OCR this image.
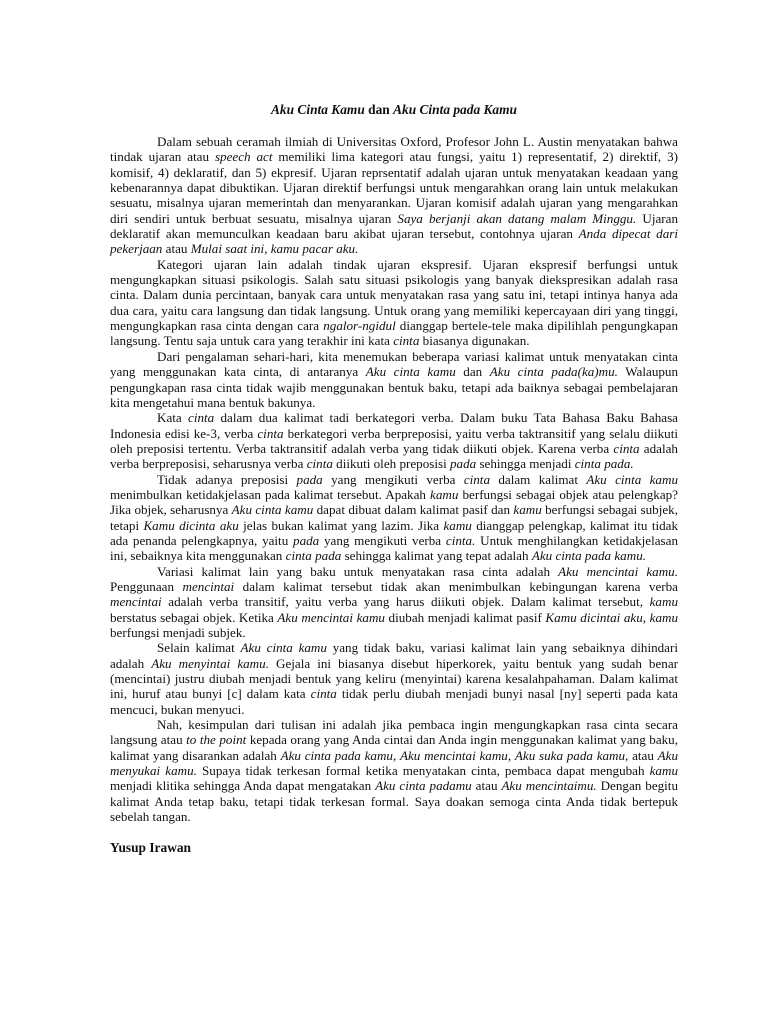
Aku Cinta Kamu dan Aku Cinta pada Kamu

Dalam sebuah ceramah ilmiah di Universitas Oxford, Profesor John L. Austin menyatakan bahwa tindak ujaran atau speech act memiliki lima kategori atau fungsi, yaitu 1) representatif, 2) direktif, 3) komisif, 4) deklaratif, dan 5) ekpresif. Ujaran reprsentatif adalah ujaran untuk menyatakan keadaan yang kebenarannya dapat dibuktikan. Ujaran direktif berfungsi untuk mengarahkan orang lain untuk melakukan sesuatu, misalnya ujaran memerintah dan menyarankan. Ujaran komisif adalah ujaran yang mengarahkan diri sendiri untuk berbuat sesuatu, misalnya ujaran Saya berjanji akan datang malam Minggu. Ujaran deklaratif akan memunculkan keadaan baru akibat ujaran tersebut, contohnya ujaran Anda dipecat dari pekerjaan atau Mulai saat ini, kamu pacar aku.

Kategori ujaran lain adalah tindak ujaran ekspresif. Ujaran ekspresif berfungsi untuk mengungkapkan situasi psikologis. Salah satu situasi psikologis yang banyak diekspresikan adalah rasa cinta. Dalam dunia percintaan, banyak cara untuk menyatakan rasa yang satu ini, tetapi intinya hanya ada dua cara, yaitu cara langsung dan tidak langsung. Untuk orang yang memiliki kepercayaan diri yang tinggi, mengungkapkan rasa cinta dengan cara ngalor-ngidul dianggap bertele-tele maka dipilihlah pengungkapan langsung. Tentu saja untuk cara yang terakhir ini kata cinta biasanya digunakan.

Dari pengalaman sehari-hari, kita menemukan beberapa variasi kalimat untuk menyatakan cinta yang menggunakan kata cinta, di antaranya Aku cinta kamu dan Aku cinta pada(ka)mu. Walaupun pengungkapan rasa cinta tidak wajib menggunakan bentuk baku, tetapi ada baiknya sebagai pembelajaran kita mengetahui mana bentuk bakunya.

Kata cinta dalam dua kalimat tadi berkategori verba. Dalam buku Tata Bahasa Baku Bahasa Indonesia edisi ke-3, verba cinta berkategori verba berpreposisi, yaitu verba taktransitif yang selalu diikuti oleh preposisi tertentu. Verba taktransitif adalah verba yang tidak diikuti objek. Karena verba cinta adalah verba berpreposisi, seharusnya verba cinta diikuti oleh preposisi pada sehingga menjadi cinta pada.

Tidak adanya preposisi pada yang mengikuti verba cinta dalam kalimat Aku cinta kamu menimbulkan ketidakjelasan pada kalimat tersebut. Apakah kamu berfungsi sebagai objek atau pelengkap? Jika objek, seharusnya Aku cinta kamu dapat dibuat dalam kalimat pasif dan kamu berfungsi sebagai subjek, tetapi Kamu dicinta aku jelas bukan kalimat yang lazim. Jika kamu dianggap pelengkap, kalimat itu tidak ada penanda pelengkapnya, yaitu pada yang mengikuti verba cinta. Untuk menghilangkan ketidakjelasan ini, sebaiknya kita menggunakan cinta pada sehingga kalimat yang tepat adalah Aku cinta pada kamu.

Variasi kalimat lain yang baku untuk menyatakan rasa cinta adalah Aku mencintai kamu. Penggunaan mencintai dalam kalimat tersebut tidak akan menimbulkan kebingungan karena verba mencintai adalah verba transitif, yaitu verba yang harus diikuti objek. Dalam kalimat tersebut, kamu berstatus sebagai objek. Ketika Aku mencintai kamu diubah menjadi kalimat pasif Kamu dicintai aku, kamu berfungsi menjadi subjek.

Selain kalimat Aku cinta kamu yang tidak baku, variasi kalimat lain yang sebaiknya dihindari adalah Aku menyintai kamu. Gejala ini biasanya disebut hiperkorek, yaitu bentuk yang sudah benar (mencintai) justru diubah menjadi bentuk yang keliru (menyintai) karena kesalahpahaman. Dalam kalimat ini, huruf atau bunyi [c] dalam kata cinta tidak perlu diubah menjadi bunyi nasal [ny] seperti pada kata mencuci, bukan menyuci.

Nah, kesimpulan dari tulisan ini adalah jika pembaca ingin mengungkapkan rasa cinta secara langsung atau to the point kepada orang yang Anda cintai dan Anda ingin menggunakan kalimat yang baku, kalimat yang disarankan adalah Aku cinta pada kamu, Aku mencintai kamu, Aku suka pada kamu, atau Aku menyukai kamu. Supaya tidak terkesan formal ketika menyatakan cinta, pembaca dapat mengubah kamu menjadi klitika sehingga Anda dapat mengatakan Aku cinta padamu atau Aku mencintaimu. Dengan begitu kalimat Anda tetap baku, tetapi tidak terkesan formal. Saya doakan semoga cinta Anda tidak bertepuk sebelah tangan.

Yusup Irawan
